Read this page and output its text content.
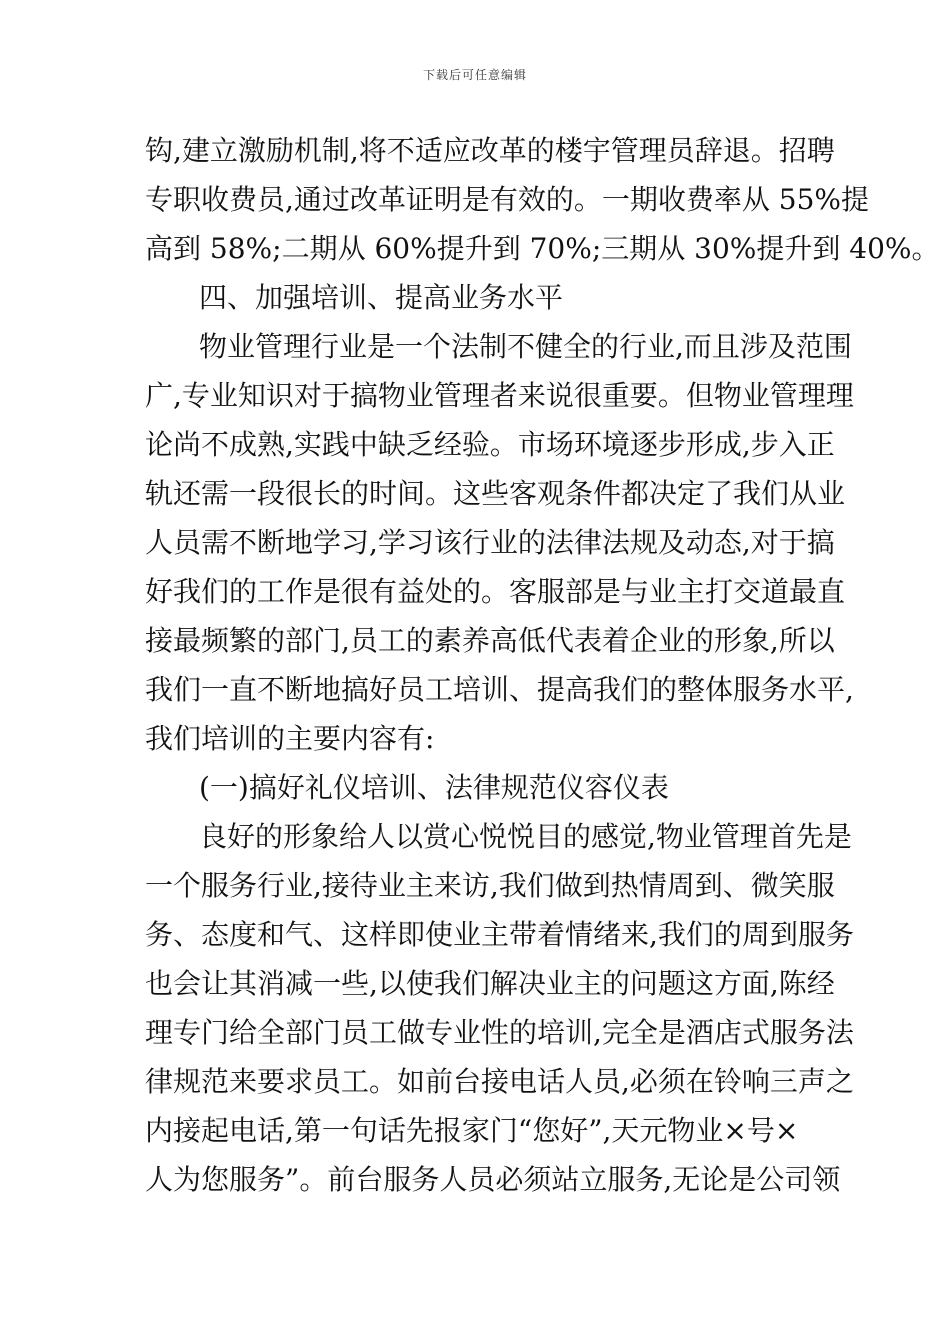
下载后可任意编辑
钩,建立激励机制,将不适应改革的楼宇管理员辞退。招聘
专职收费员,通过改革证明是有效的。一期收费率从 55%提
高到 58%;二期从 60%提升到 70%;三期从 30%提升到 40%。
四、加强培训、提高业务水平
物业管理行业是一个法制不健全的行业,而且涉及范围
广,专业知识对于搞物业管理者来说很重要。但物业管理理
论尚不成熟,实践中缺乏经验。市场环境逐步形成,步入正
轨还需一段很长的时间。这些客观条件都决定了我们从业
人员需不断地学习,学习该行业的法律法规及动态,对于搞
好我们的工作是很有益处的。客服部是与业主打交道最直
接最频繁的部门,员工的素养高低代表着企业的形象,所以
我们一直不断地搞好员工培训、提高我们的整体服务水平,
我们培训的主要内容有:
(一)搞好礼仪培训、法律规范仪容仪表
良好的形象给人以赏心悦悦目的感觉,物业管理首先是
一个服务行业,接待业主来访,我们做到热情周到、微笑服
务、态度和气、这样即使业主带着情绪来,我们的周到服务
也会让其消减一些,以使我们解决业主的问题这方面,陈经
理专门给全部门员工做专业性的培训,完全是酒店式服务法
律规范来要求员工。如前台接电话人员,必须在铃响三声之
内接起电话,第一句话先报家门“您好”,天元物业×号×
人为您服务”。前台服务人员必须站立服务,无论是公司领
